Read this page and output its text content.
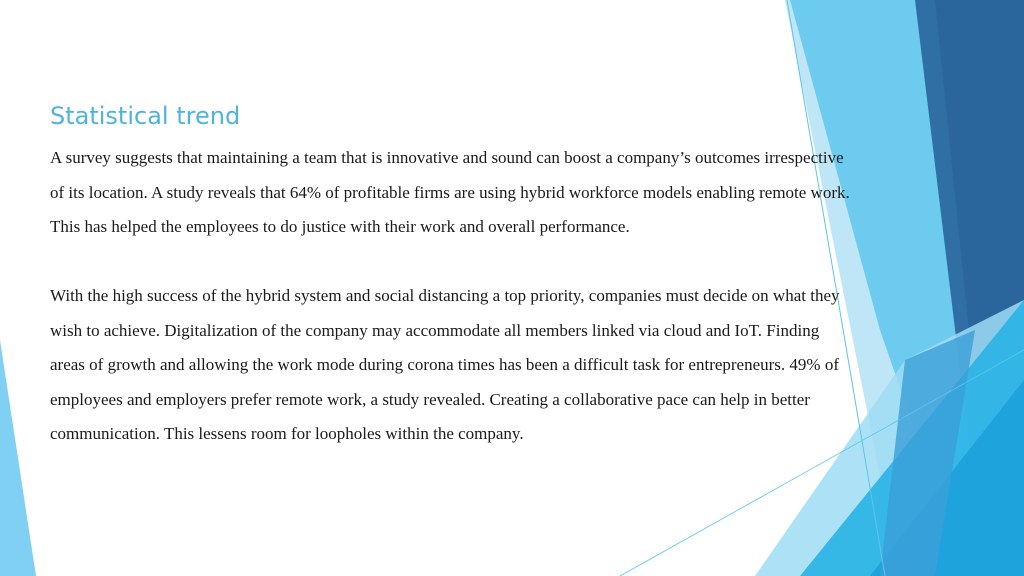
Statistical trend

A survey suggests that maintaining a team that is innovative and sound can boost a company’s outcomes irrespective of its location. A study reveals that 64% of profitable firms are using hybrid workforce models enabling remote work. This has helped the employees to do justice with their work and overall performance.

With the high success of the hybrid system and social distancing a top priority, companies must decide on what they wish to achieve. Digitalization of the company may accommodate all members linked via cloud and IoT. Finding areas of growth and allowing the work mode during corona times has been a difficult task for entrepreneurs. 49% of employees and employers prefer remote work, a study revealed. Creating a collaborative pace can help in better communication. This lessens room for loopholes within the company.
